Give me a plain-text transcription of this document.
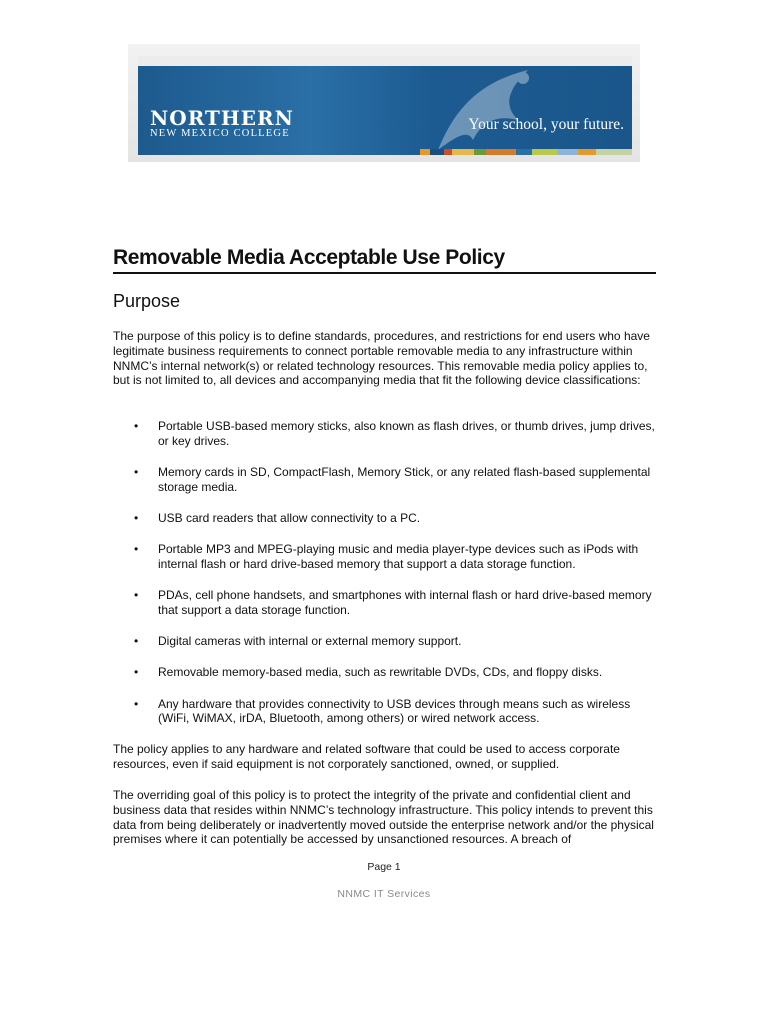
NORTHERN
NEW MEXICO COLLEGE
Your school, your future.
Removable Media Acceptable Use Policy
Purpose

The purpose of this policy is to define standards, procedures, and restrictions for end users who have legitimate business requirements to connect portable removable media to any infrastructure within NNMC’s internal network(s) or related technology resources. This removable media policy applies to, but is not limited to, all devices and accompanying media that fit the following device classifications:

• Portable USB-based memory sticks, also known as flash drives, or thumb drives, jump drives, or key drives.
• Memory cards in SD, CompactFlash, Memory Stick, or any related flash-based supplemental storage media.
• USB card readers that allow connectivity to a PC.
• Portable MP3 and MPEG-playing music and media player-type devices such as iPods with internal flash or hard drive-based memory that support a data storage function.
• PDAs, cell phone handsets, and smartphones with internal flash or hard drive-based memory that support a data storage function.
• Digital cameras with internal or external memory support.
• Removable memory-based media, such as rewritable DVDs, CDs, and floppy disks.
• Any hardware that provides connectivity to USB devices through means such as wireless (WiFi, WiMAX, irDA, Bluetooth, among others) or wired network access.

The policy applies to any hardware and related software that could be used to access corporate resources, even if said equipment is not corporately sanctioned, owned, or supplied.

The overriding goal of this policy is to protect the integrity of the private and confidential client and business data that resides within NNMC’s technology infrastructure. This policy intends to prevent this data from being deliberately or inadvertently moved outside the enterprise network and/or the physical premises where it can potentially be accessed by unsanctioned resources. A breach of

Page 1
NNMC IT Services
